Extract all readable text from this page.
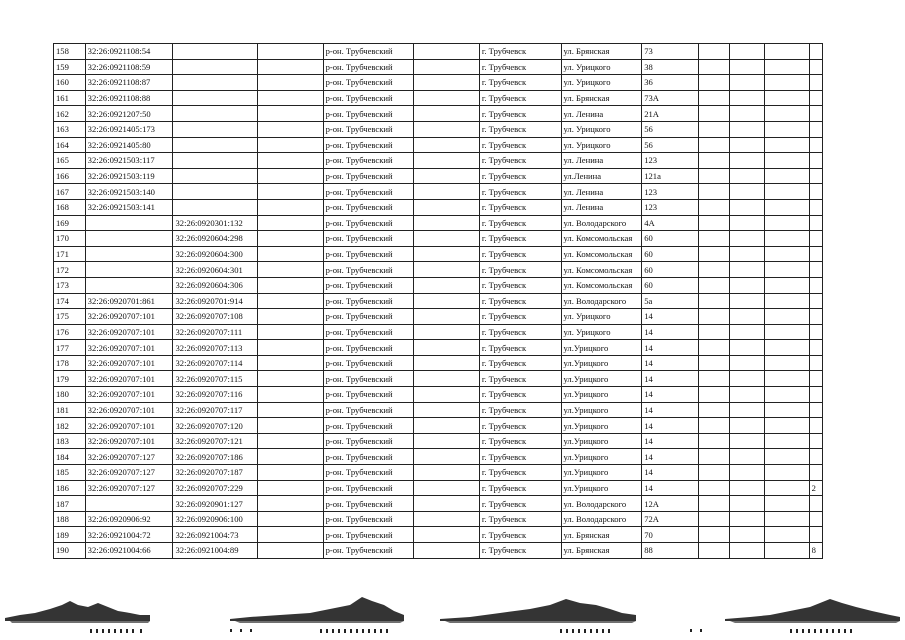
158	32:26:0921108:54			р-он. Трубчевский		г. Трубчевск	ул. Брянская	73				
159	32:26:0921108:59			р-он. Трубчевский		г. Трубчевск	ул. Урицкого	38				
160	32:26:0921108:87			р-он. Трубчевский		г. Трубчевск	ул. Урицкого	36				
161	32:26:0921108:88			р-он. Трубчевский		г. Трубчевск	ул. Брянская	73А				
162	32:26:0921207:50			р-он. Трубчевский		г. Трубчевск	ул. Ленина	21А				
163	32:26:0921405:173			р-он. Трубчевский		г. Трубчевск	ул. Урицкого	56				
164	32:26:0921405:80			р-он. Трубчевский		г. Трубчевск	ул. Урицкого	56				
165	32:26:0921503:117			р-он. Трубчевский		г. Трубчевск	ул. Ленина	123				
166	32:26:0921503:119			р-он. Трубчевский		г. Трубчевск	ул.Ленина	121а				
167	32:26:0921503:140			р-он. Трубчевский		г. Трубчевск	ул. Ленина	123				
168	32:26:0921503:141			р-он. Трубчевский		г. Трубчевск	ул. Ленина	123				
169		32:26:0920301:132		р-он. Трубчевский		г. Трубчевск	ул. Володарского	4А				
170		32:26:0920604:298		р-он. Трубчевский		г. Трубчевск	ул. Комсомольская	60				
171		32:26:0920604:300		р-он. Трубчевский		г. Трубчевск	ул. Комсомольская	60				
172		32:26:0920604:301		р-он. Трубчевский		г. Трубчевск	ул. Комсомольская	60				
173		32:26:0920604:306		р-он. Трубчевский		г. Трубчевск	ул. Комсомольская	60				
174	32:26:0920701:861	32:26:0920701:914		р-он. Трубчевский		г. Трубчевск	ул. Володарского	5а				
175	32:26:0920707:101	32:26:0920707:108		р-он. Трубчевский		г. Трубчевск	ул. Урицкого	14				
176	32:26:0920707:101	32:26:0920707:111		р-он. Трубчевский		г. Трубчевск	ул. Урицкого	14				
177	32:26:0920707:101	32:26:0920707:113		р-он. Трубчевский		г. Трубчевск	ул.Урицкого	14				
178	32:26:0920707:101	32:26:0920707:114		р-он. Трубчевский		г. Трубчевск	ул.Урицкого	14				
179	32:26:0920707:101	32:26:0920707:115		р-он. Трубчевский		г. Трубчевск	ул.Урицкого	14				
180	32:26:0920707:101	32:26:0920707:116		р-он. Трубчевский		г. Трубчевск	ул.Урицкого	14				
181	32:26:0920707:101	32:26:0920707:117		р-он. Трубчевский		г. Трубчевск	ул.Урицкого	14				
182	32:26:0920707:101	32:26:0920707:120		р-он. Трубчевский		г. Трубчевск	ул.Урицкого	14				
183	32:26:0920707:101	32:26:0920707:121		р-он. Трубчевский		г. Трубчевск	ул.Урицкого	14				
184	32:26:0920707:127	32:26:0920707:186		р-он. Трубчевский		г. Трубчевск	ул.Урицкого	14				
185	32:26:0920707:127	32:26:0920707:187		р-он. Трубчевский		г. Трубчевск	ул.Урицкого	14				
186	32:26:0920707:127	32:26:0920707:229		р-он. Трубчевский		г. Трубчевск	ул.Урицкого	14				2
187		32:26:0920901:127		р-он. Трубчевский		г. Трубчевск	ул. Володарского	12А				
188	32:26:0920906:92	32:26:0920906:100		р-он. Трубчевский		г. Трубчевск	ул. Володарского	72А				
189	32:26:0921004:72	32:26:0921004:73		р-он. Трубчевский		г. Трубчевск	ул. Брянская	70				
190	32:26:0921004:66	32:26:0921004:89		р-он. Трубчевский		г. Трубчевск	ул. Брянская	88				8
